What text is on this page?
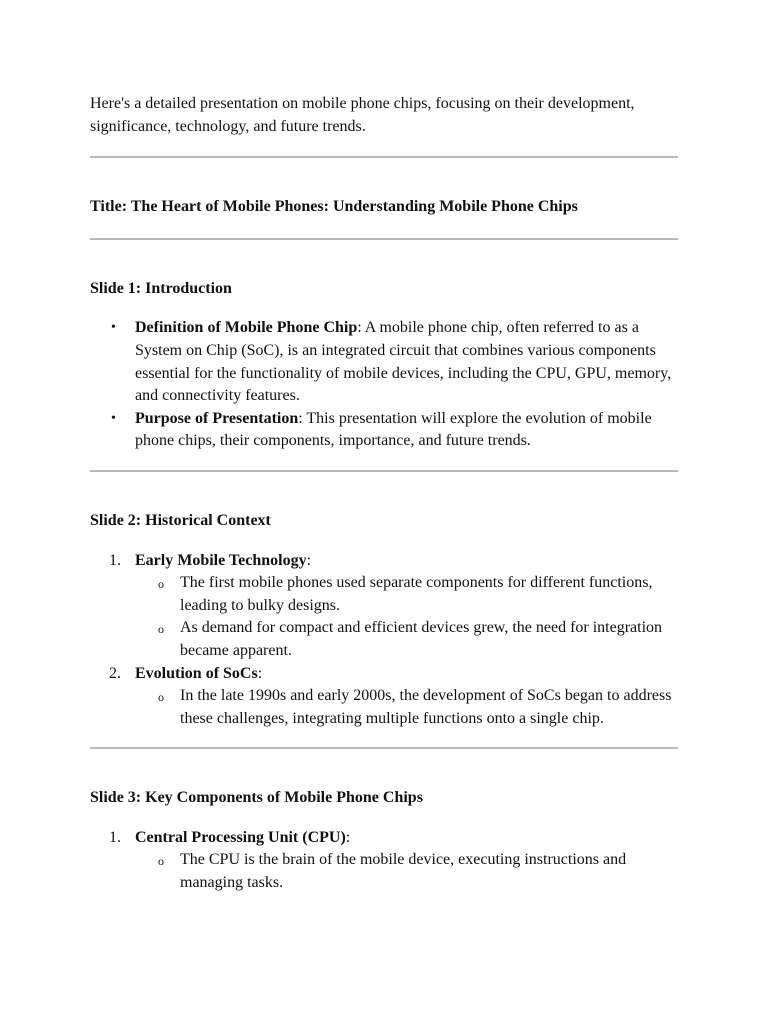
Here's a detailed presentation on mobile phone chips, focusing on their development, significance, technology, and future trends.

Title: The Heart of Mobile Phones: Understanding Mobile Phone Chips

Slide 1: Introduction

• Definition of Mobile Phone Chip: A mobile phone chip, often referred to as a System on Chip (SoC), is an integrated circuit that combines various components essential for the functionality of mobile devices, including the CPU, GPU, memory, and connectivity features.
• Purpose of Presentation: This presentation will explore the evolution of mobile phone chips, their components, importance, and future trends.

Slide 2: Historical Context

1. Early Mobile Technology:
o The first mobile phones used separate components for different functions, leading to bulky designs.
o As demand for compact and efficient devices grew, the need for integration became apparent.
2. Evolution of SoCs:
o In the late 1990s and early 2000s, the development of SoCs began to address these challenges, integrating multiple functions onto a single chip.

Slide 3: Key Components of Mobile Phone Chips

1. Central Processing Unit (CPU):
o The CPU is the brain of the mobile device, executing instructions and managing tasks.
